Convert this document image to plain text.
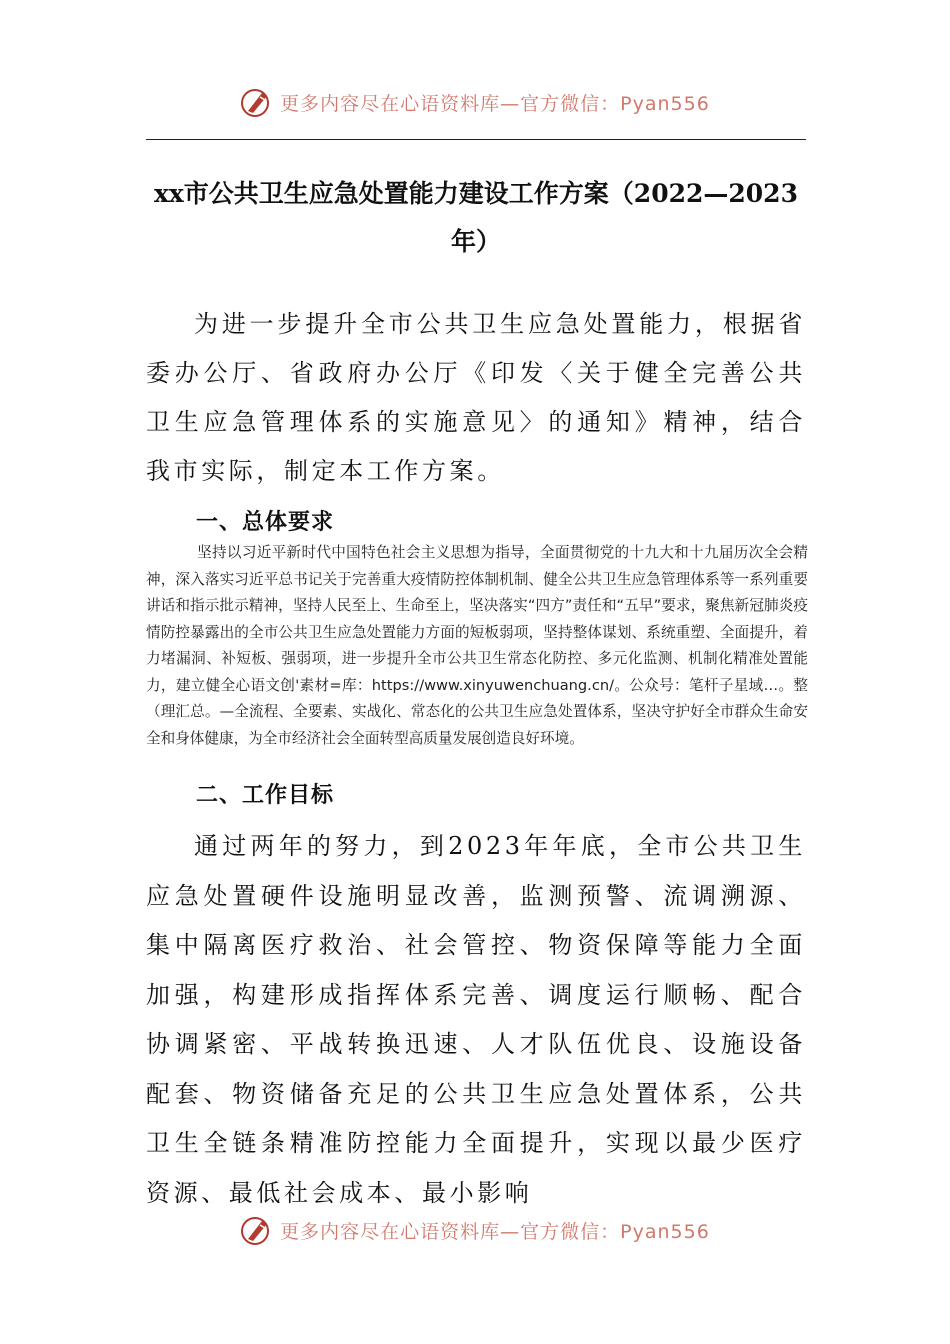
更多内容尽在心语资料库—官方微信：Pyan556
xx市公共卫生应急处置能力建设工作方案（2022—2023年）
为进一步提升全市公共卫生应急处置能力，根据省委办公厅、省政府办公厅《印发〈关于健全完善公共卫生应急管理体系的实施意见〉的通知》精神，结合我市实际，制定本工作方案。
一、总体要求
坚持以习近平新时代中国特色社会主义思想为指导，全面贯彻党的十九大和十九届历次全会精神，深入落实习近平总书记关于完善重大疫情防控体制机制、健全公共卫生应急管理体系等一系列重要讲话和指示批示精神，坚持人民至上、生命至上，坚决落实“四方”责任和“五早”要求，聚焦新冠肺炎疫情防控暴露出的全市公共卫生应急处置能力方面的短板弱项，坚持整体谋划、系统重塑、全面提升，着力堵漏洞、补短板、强弱项，进一步提升全市公共卫生常态化防控、多元化监测、机制化精准处置能力，建立健全心语文创'素材=库：https://www.xinyuwenchuang.cn/。公众号：笔杆子星域…。整（理汇总。—全流程、全要素、实战化、常态化的公共卫生应急处置体系，坚决守护好全市群众生命安全和身体健康，为全市经济社会全面转型高质量发展创造良好环境。
二、工作目标
通过两年的努力，到2023年年底，全市公共卫生应急处置硬件设施明显改善，监测预警、流调溯源、集中隔离医疗救治、社会管控、物资保障等能力全面加强，构建形成指挥体系完善、调度运行顺畅、配合协调紧密、平战转换迅速、人才队伍优良、设施设备配套、物资储备充足的公共卫生应急处置体系，公共卫生全链条精准防控能力全面提升，实现以最少医疗资源、最低社会成本、最小影响
更多内容尽在心语资料库—官方微信：Pyan556
